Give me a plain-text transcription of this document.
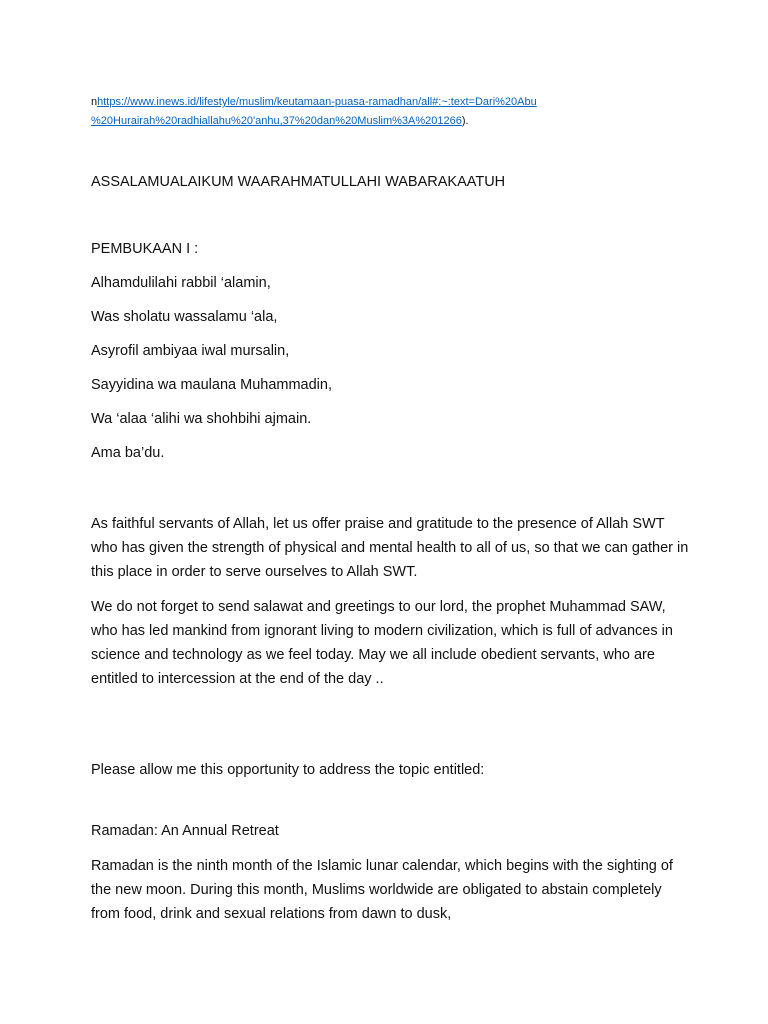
nhttps://www.inews.id/lifestyle/muslim/keutamaan-puasa-ramadhan/all#:~:text=Dari%20Abu
%20Hurairah%20radhiallahu%20'anhu,37%20dan%20Muslim%3A%201266).
ASSALAMUALAIKUM WAARAHMATULLAHI WABARAKAATUH
PEMBUKAAN I :
Alhamdulilahi rabbil ‘alamin,
Was sholatu wassalamu ‘ala,
Asyrofil ambiyaa iwal mursalin,
Sayyidina wa maulana Muhammadin,
Wa ‘alaa ‘alihi wa shohbihi ajmain.
Ama ba’du.
As faithful servants of Allah, let us offer praise and gratitude to the presence of Allah SWT who has given the strength of physical and mental health to all of us, so that we can gather in this place in order to serve ourselves to Allah SWT.
We do not forget to send salawat and greetings to our lord, the prophet Muhammad SAW, who has led mankind from ignorant living to modern civilization, which is full of advances in science and technology as we feel today. May we all include obedient servants, who are entitled to intercession at the end of the day ..
Please allow me this opportunity to address the topic entitled:
Ramadan: An Annual Retreat
Ramadan is the ninth month of the Islamic lunar calendar, which begins with the sighting of the new moon. During this month, Muslims worldwide are obligated to abstain completely from food, drink and sexual relations from dawn to dusk,
